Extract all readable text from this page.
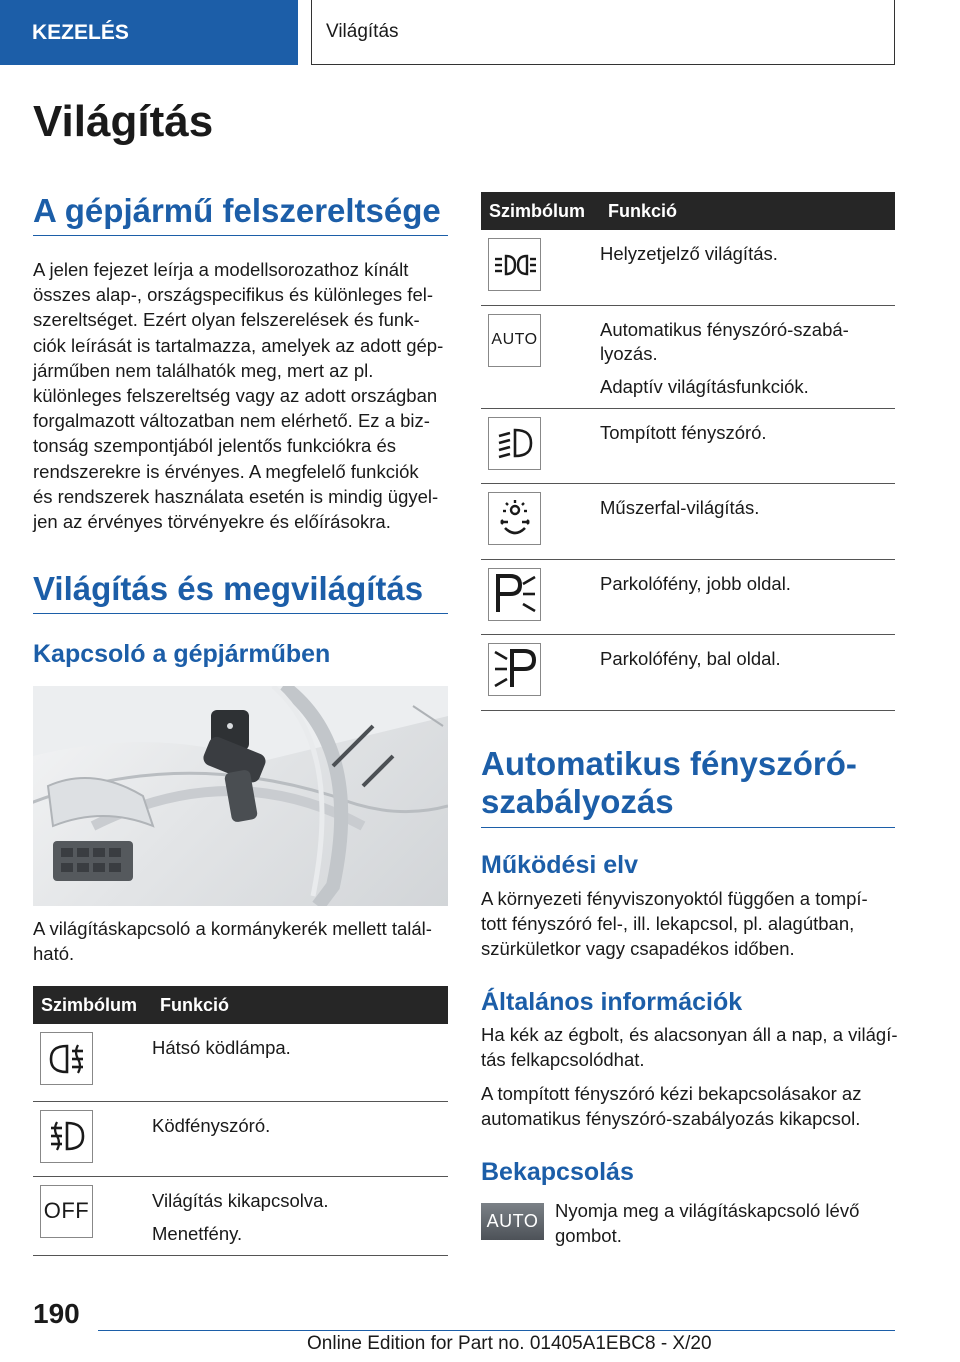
KEZELÉS	Világítás
Világítás
A gépjármű felszereltsége
A jelen fejezet leírja a modellsorozathoz kínált
összes alap-, országspecifikus és különleges fel-
szereltséget. Ezért olyan felszerelések és funk-
ciók leírását is tartalmazza, amelyek az adott gép-
járműben nem találhatók meg, mert az pl.
különleges felszereltség vagy az adott országban
forgalmazott változatban nem elérhető. Ez a biz-
tonság szempontjából jelentős funkciókra és
rendszerekre is érvényes. A megfelelő funkciók
és rendszerek használata esetén is mindig ügyel-
jen az érvényes törvényekre és előírásokra.
Világítás és megvilágítás
Kapcsoló a gépjárműben
A világításkapcsoló a kormánykerék mellett talál-
ható.
Szimbólum	Funkció

Hátsó ködlámpa.

Ködfényszóró.

OFF	Világítás kikapcsolva.

Menetfény.

Szimbólum	Funkció

Helyzetjelző világítás.

AUTO	Automatikus fényszóró-szabá-
lyozás.

Adaptív világításfunkciók.

Tompított fényszóró.

Műszerfal-világítás.

Parkolófény, jobb oldal.

Parkolófény, bal oldal.

Automatikus fényszóró-
szabályozás
Működési elv
A környezeti fényviszonyoktól függően a tompí-
tott fényszóró fel-, ill. lekapcsol, pl. alagútban,
szürkületkor vagy csapadékos időben.
Általános információk
Ha kék az égbolt, és alacsonyan áll a nap, a világí-
tás felkapcsolódhat.
A tompított fényszóró kézi bekapcsolásakor az
automatikus fényszóró-szabályozás kikapcsol.
Bekapcsolás
AUTO Nyomja meg a világításkapcsoló lévő
gombot.
190
Online Edition for Part no. 01405A1EBC8 - X/20
